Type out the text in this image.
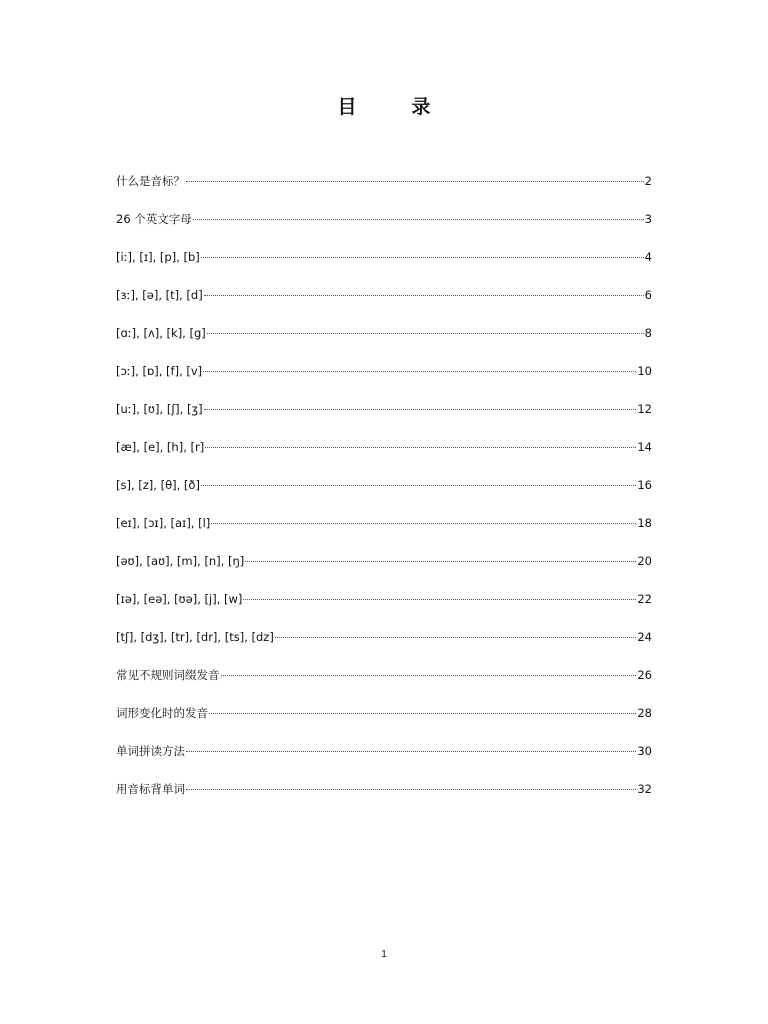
目　录
什么是音标？	2
26 个英文字母	3
[iː], [ɪ], [p], [b]	4
[ɜː], [ə], [t], [d]	6
[ɑː], [ʌ], [k], [g]	8
[ɔː], [ɒ], [f], [v]	10
[uː], [ʊ], [ʃ], [ʒ]	12
[æ], [e], [h], [r]	14
[s], [z], [θ], [ð]	16
[eɪ], [ɔɪ], [aɪ], [l]	18
[əʊ], [aʊ], [m], [n], [ŋ]	20
[ɪə], [eə], [ʊə], [j], [w]	22
[tʃ], [dʒ], [tr], [dr], [ts], [dz]	24
常见不规则词缀发音	26
词形变化时的发音	28
单词拼读方法	30
用音标背单词	32
1
